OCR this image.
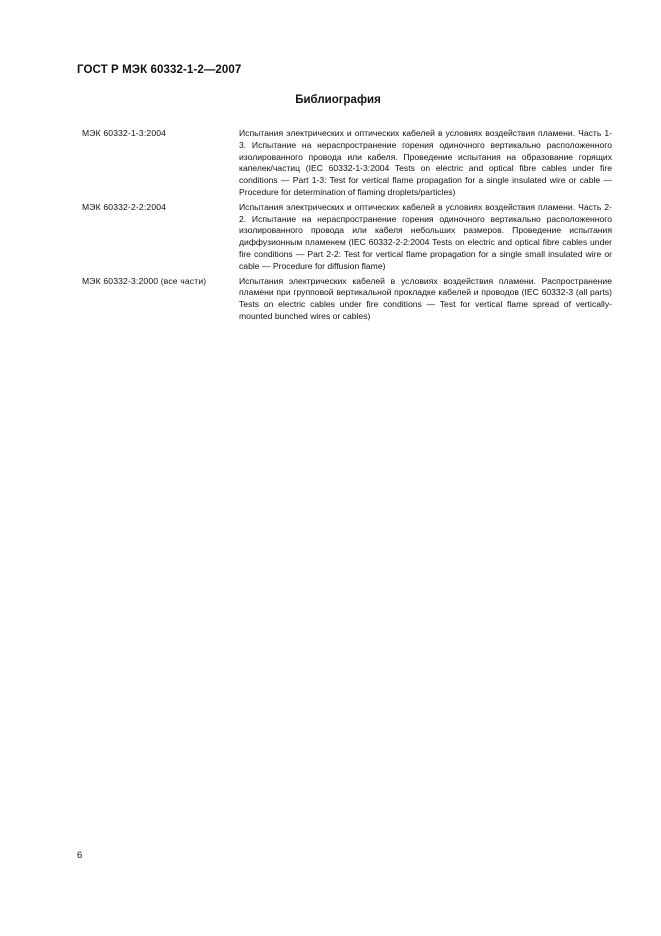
ГОСТ Р МЭК 60332-1-2—2007
Библиография
МЭК 60332-1-3:2004	Испытания электрических и оптических кабелей в условиях воздействия пламени. Часть 1-3. Испытание на нераспространение горения одиночного вертикально расположенного изолированного провода или кабеля. Проведение испытания на образование горящих капелек/частиц (IEC 60332-1-3:2004 Tests on electric and optical fibre cables under fire conditions — Part 1-3: Test for vertical flame propagation for a single insulated wire or cable — Procedure for determination of flaming droplets/particles)
МЭК 60332-2-2:2004	Испытания электрических и оптических кабелей в условиях воздействия пламени. Часть 2-2. Испытание на нераспространение горения одиночного вертикально расположенного изолированного провода или кабеля небольших размеров. Проведение испытания диффузионным пламенем (IEC 60332-2-2:2004 Tests on electric and optical fibre cables under fire conditions — Part 2-2: Test for vertical flame propagation for a single small insulated wire or cable — Procedure for diffusion flame)
МЭК 60332-3:2000 (все части)	Испытания электрических кабелей в условиях воздействия пламени. Распространение пламени при групповой вертикальной прокладке кабелей и проводов (IEC 60332-3 (all parts) Tests on electric cables under fire conditions — Test for vertical flame spread of vertically-mounted bunched wires or cables)
6
